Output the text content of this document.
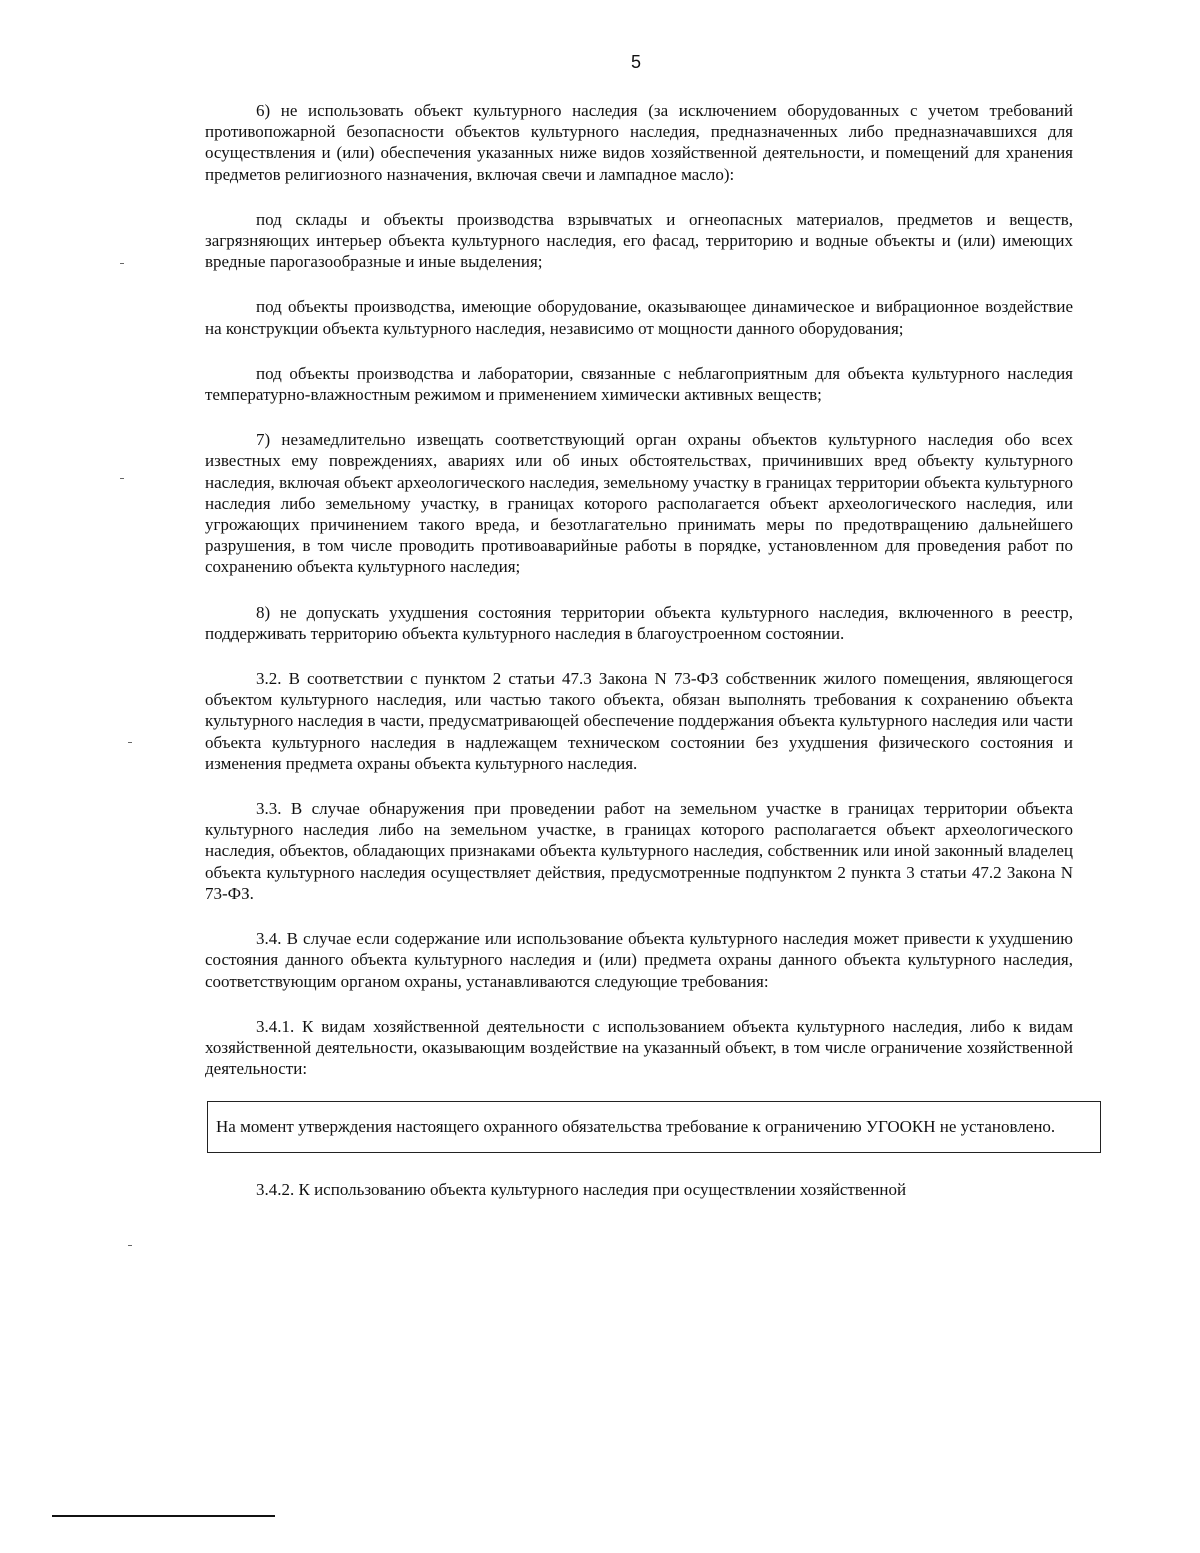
5

6) не использовать объект культурного наследия (за исключением оборудованных с учетом требований противопожарной безопасности объектов культурного наследия, предназначенных либо предназначавшихся для осуществления и (или) обеспечения указанных ниже видов хозяйственной деятельности, и помещений для хранения предметов религиозного назначения, включая свечи и лампадное масло):

под склады и объекты производства взрывчатых и огнеопасных материалов, предметов и веществ, загрязняющих интерьер объекта культурного наследия, его фасад, территорию и водные объекты и (или) имеющих вредные парогазообразные и иные выделения;

под объекты производства, имеющие оборудование, оказывающее динамическое и вибрационное воздействие на конструкции объекта культурного наследия, независимо от мощности данного оборудования;

под объекты производства и лаборатории, связанные с неблагоприятным для объекта культурного наследия температурно-влажностным режимом и применением химически активных веществ;

7) незамедлительно извещать соответствующий орган охраны объектов культурного наследия обо всех известных ему повреждениях, авариях или об иных обстоятельствах, причинивших вред объекту культурного наследия, включая объект археологического наследия, земельному участку в границах территории объекта культурного наследия либо земельному участку, в границах которого располагается объект археологического наследия, или угрожающих причинением такого вреда, и безотлагательно принимать меры по предотвращению дальнейшего разрушения, в том числе проводить противоаварийные работы в порядке, установленном для проведения работ по сохранению объекта культурного наследия;

8) не допускать ухудшения состояния территории объекта культурного наследия, включенного в реестр, поддерживать территорию объекта культурного наследия в благоустроенном состоянии.

3.2. В соответствии с пунктом 2 статьи 47.3 Закона N 73-ФЗ собственник жилого помещения, являющегося объектом культурного наследия, или частью такого объекта, обязан выполнять требования к сохранению объекта культурного наследия в части, предусматривающей обеспечение поддержания объекта культурного наследия или части объекта культурного наследия в надлежащем техническом состоянии без ухудшения физического состояния и изменения предмета охраны объекта культурного наследия.

3.3. В случае обнаружения при проведении работ на земельном участке в границах территории объекта культурного наследия либо на земельном участке, в границах которого располагается объект археологического наследия, объектов, обладающих признаками объекта культурного наследия, собственник или иной законный владелец объекта культурного наследия осуществляет действия, предусмотренные подпунктом 2 пункта 3 статьи 47.2 Закона N 73-ФЗ.

3.4. В случае если содержание или использование объекта культурного наследия может привести к ухудшению состояния данного объекта культурного наследия и (или) предмета охраны данного объекта культурного наследия, соответствующим органом охраны, устанавливаются следующие требования:

3.4.1. К видам хозяйственной деятельности с использованием объекта культурного наследия, либо к видам хозяйственной деятельности, оказывающим воздействие на указанный объект, в том числе ограничение хозяйственной деятельности:

На момент утверждения настоящего охранного обязательства требование к ограничению УГООКН не установлено.

3.4.2. К использованию объекта культурного наследия при осуществлении хозяйственной
